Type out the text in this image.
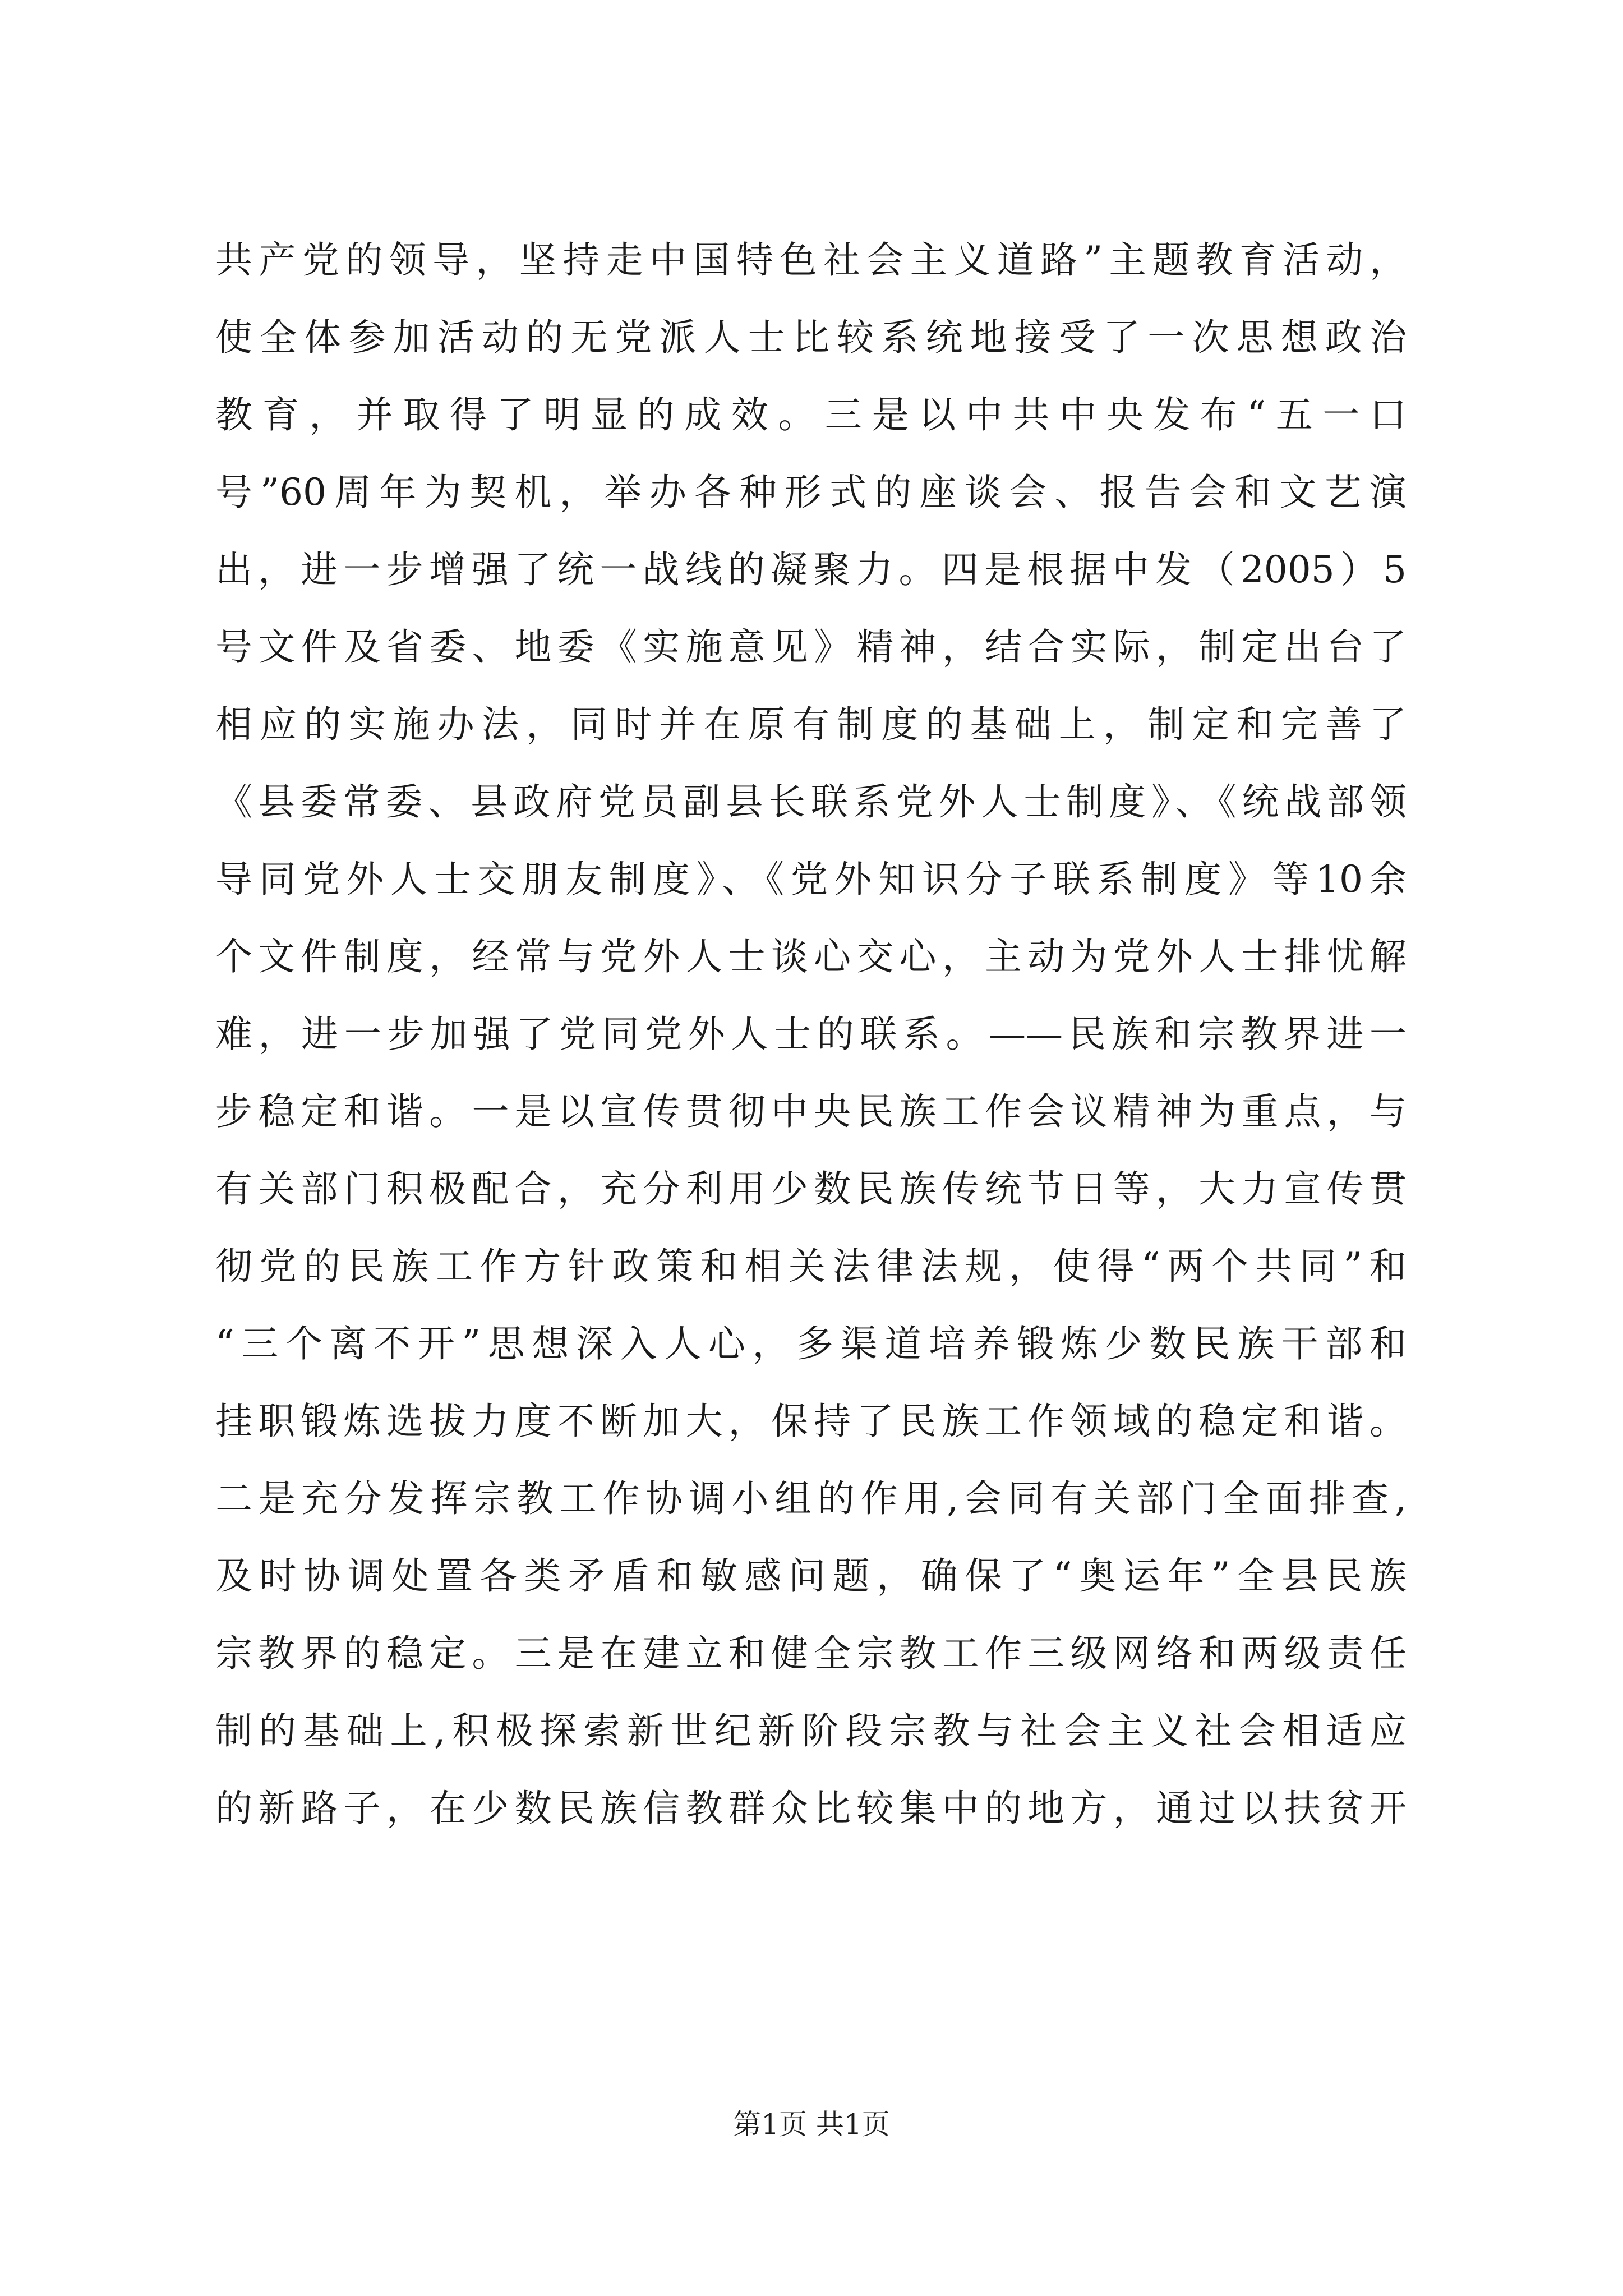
共产党的领导，坚持走中国特色社会主义道路”主题教育活动，
使全体参加活动的无党派人士比较系统地接受了一次思想政治
教育，并取得了明显的成效。三是以中共中央发布“五一口
号”60周年为契机，举办各种形式的座谈会、报告会和文艺演
出，进一步增强了统一战线的凝聚力。四是根据中发（2005）5
号文件及省委、地委《实施意见》精神，结合实际，制定出台了
相应的实施办法，同时并在原有制度的基础上，制定和完善了
《县委常委、县政府党员副县长联系党外人士制度》、《统战部领
导同党外人士交朋友制度》、《党外知识分子联系制度》等10余
个文件制度，经常与党外人士谈心交心，主动为党外人士排忧解
难，进一步加强了党同党外人士的联系。——民族和宗教界进一
步稳定和谐。一是以宣传贯彻中央民族工作会议精神为重点，与
有关部门积极配合，充分利用少数民族传统节日等，大力宣传贯
彻党的民族工作方针政策和相关法律法规，使得“两个共同”和
“三个离不开”思想深入人心，多渠道培养锻炼少数民族干部和
挂职锻炼选拔力度不断加大，保持了民族工作领域的稳定和谐。
二是充分发挥宗教工作协调小组的作用,会同有关部门全面排查,
及时协调处置各类矛盾和敏感问题，确保了“奥运年”全县民族
宗教界的稳定。三是在建立和健全宗教工作三级网络和两级责任
制的基础上,积极探索新世纪新阶段宗教与社会主义社会相适应
的新路子，在少数民族信教群众比较集中的地方，通过以扶贫开
第1页 共1页
